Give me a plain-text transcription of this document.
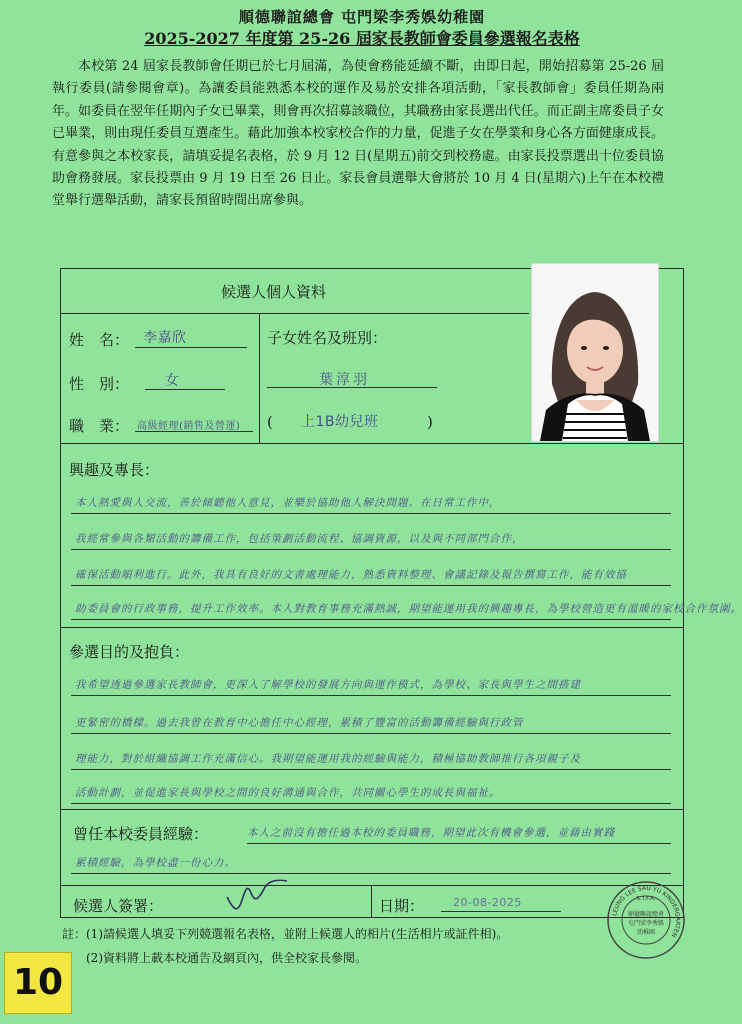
順德聯誼總會 屯門梁李秀娛幼稚園
2025-2027 年度第 25-26 屆家長教師會委員參選報名表格
本校第 24 屆家長教師會任期已於七月屆滿，為使會務能延續不斷，由即日起，開始招募第 25-26 屆執行委員(請參閱會章)。為讓委員能熟悉本校的運作及易於安排各項活動，「家長教師會」委員任期為兩年。如委員在翌年任期內子女已畢業，則會再次招募該職位，其職務由家長選出代任。而正副主席委員子女已畢業，則由現任委員互選產生。藉此加強本校家校合作的力量，促進子女在學業和身心各方面健康成長。有意參與之本校家長，請填妥提名表格，於 9 月 12 日(星期五)前交到校務處。由家長投票選出十位委員協助會務發展。家長投票由 9 月 19 日至 26 日止。家長會員選舉大會將於 10 月 4 日(星期六)上午在本校禮堂舉行選舉活動，請家長預留時間出席參與。
候選人個人資料
姓　名： 李嘉欣
性　別：	女
職　業： 高級經理(銷售及營運)
子女姓名及班別：
葉淳羽
( 上1B幼兒班	)
興趣及專長：
本人熱愛與人交流，善於傾聽他人意見，並樂於協助他人解決問題。在日常工作中，
我經常參與各類活動的籌備工作，包括策劃活動流程、協調資源，以及與不同部門合作，
確保活動順利進行。此外，我具有良好的文書處理能力，熟悉資料整理、會議記錄及報告撰寫工作，能有效協
助委員會的行政事務，提升工作效率。本人對教育事務充滿熱誠，期望能運用我的興趣專長，為學校營造更有溫暖的家校合作氛圍。
參選目的及抱負：
我希望透過參選家長教師會，更深入了解學校的發展方向與運作模式，為學校、家長與學生之間搭建
更緊密的橋樑。過去我曾在教育中心擔任中心經理，累積了豐富的活動籌備經驗與行政管
理能力，對於組織協調工作充滿信心。我期望能運用我的經驗與能力，積極協助教師推行各項親子及
活動計劃，並促進家長與學校之間的良好溝通與合作，共同關心學生的成長與福祉。
曾任本校委員經驗：	本人之前沒有擔任過本校的委員職務，期望此次有機會參選，並藉由實踐
累積經驗，為學校盡一份心力。
候選人簽署：	日期：	20-08-2025
註：(1)請候選人填妥下列競選報名表格，並附上候選人的相片(生活相片或証件相)。
(2)資料將上載本校通告及網頁內，供全校家長參閱。
10
LEUNG LEE SAU YU KINDERGARTEN
S.T.F.A.
順德聯誼總會
屯門梁李秀娛
幼稚園
